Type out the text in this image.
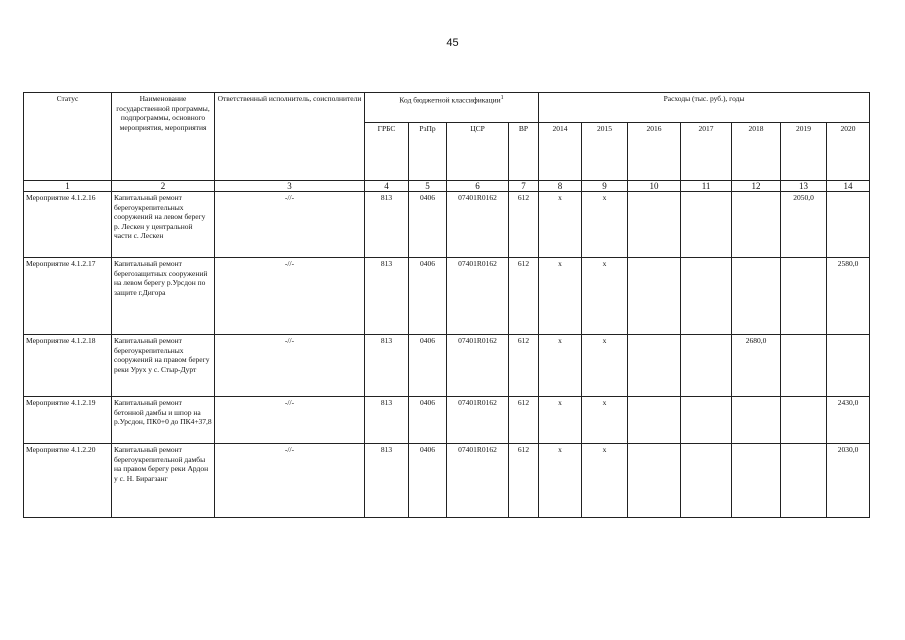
45
Статус	Наименование государственной программы, подпрограммы, основного мероприятия, мероприятия	Ответственный исполнитель, соисполнители	Код бюджетной классификации$^1$				Расходы (тыс. руб.), годы						
			ГРБС	РзПр	ЦСР	ВР	2014	2015	2016	2017	2018	2019	2020
1	2	3	4	5	6	7	8	9	10	11	12	13	14
Мероприятие 4.1.2.16	Капитальный ремонт берегоукрепительных сооружений на левом берегу р. Лескен у центральной части с. Лескен	-//-	813	0406	07401R0162	612	х	х				2050,0	
Мероприятие 4.1.2.17	Капитальный ремонт берегозащитных сооружений на левом берегу р.Урсдон по защите г.Дигора	-//-	813	0406	07401R0162	612	х	х					2580,0
Мероприятие 4.1.2.18	Капитальный ремонт берегоукрепительных сооружений на правом берегу реки Урух у с. Стыр-Дурт	-//-	813	0406	07401R0162	612	х	х			2680,0		
Мероприятие 4.1.2.19	Капитальный ремонт бетонной дамбы и шпор на р.Урсдон, ПК0+0 до ПК4+37,8	-//-	813	0406	07401R0162	612	х	х					2430,0
Мероприятие 4.1.2.20	Капитальный ремонт берегоукрепительной дамбы на правом берегу реки Ардон у с. Н. Бирагзанг	-//-	813	0406	07401R0162	612	х	х					2030,0
